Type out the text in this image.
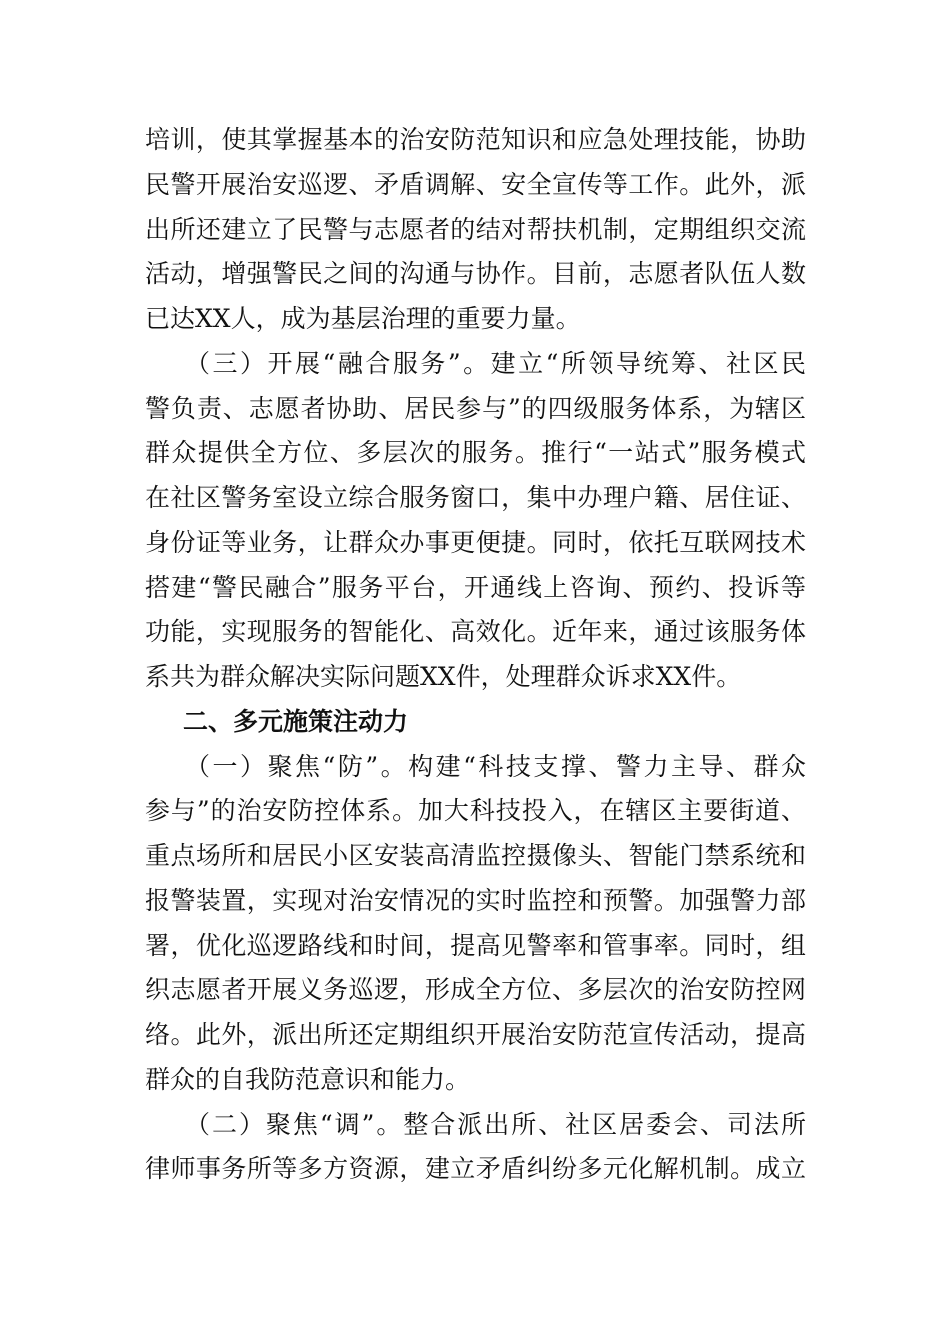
培训，使其掌握基本的治安防范知识和应急处理技能，协助
民警开展治安巡逻、矛盾调解、安全宣传等工作。此外，派
出所还建立了民警与志愿者的结对帮扶机制，定期组织交流
活动，增强警民之间的沟通与协作。目前，志愿者队伍人数
已达XX人，成为基层治理的重要力量。
（三）开展“融合服务”。建立“所领导统筹、社区民
警负责、志愿者协助、居民参与”的四级服务体系，为辖区
群众提供全方位、多层次的服务。推行“一站式”服务模式
在社区警务室设立综合服务窗口，集中办理户籍、居住证、
身份证等业务，让群众办事更便捷。同时，依托互联网技术
搭建“警民融合”服务平台，开通线上咨询、预约、投诉等
功能，实现服务的智能化、高效化。近年来，通过该服务体
系共为群众解决实际问题XX件，处理群众诉求XX件。
二、多元施策注动力
（一）聚焦“防”。构建“科技支撑、警力主导、群众
参与”的治安防控体系。加大科技投入，在辖区主要街道、
重点场所和居民小区安装高清监控摄像头、智能门禁系统和
报警装置，实现对治安情况的实时监控和预警。加强警力部
署，优化巡逻路线和时间，提高见警率和管事率。同时，组
织志愿者开展义务巡逻，形成全方位、多层次的治安防控网
络。此外，派出所还定期组织开展治安防范宣传活动，提高
群众的自我防范意识和能力。
（二）聚焦“调”。整合派出所、社区居委会、司法所
律师事务所等多方资源，建立矛盾纠纷多元化解机制。成立
